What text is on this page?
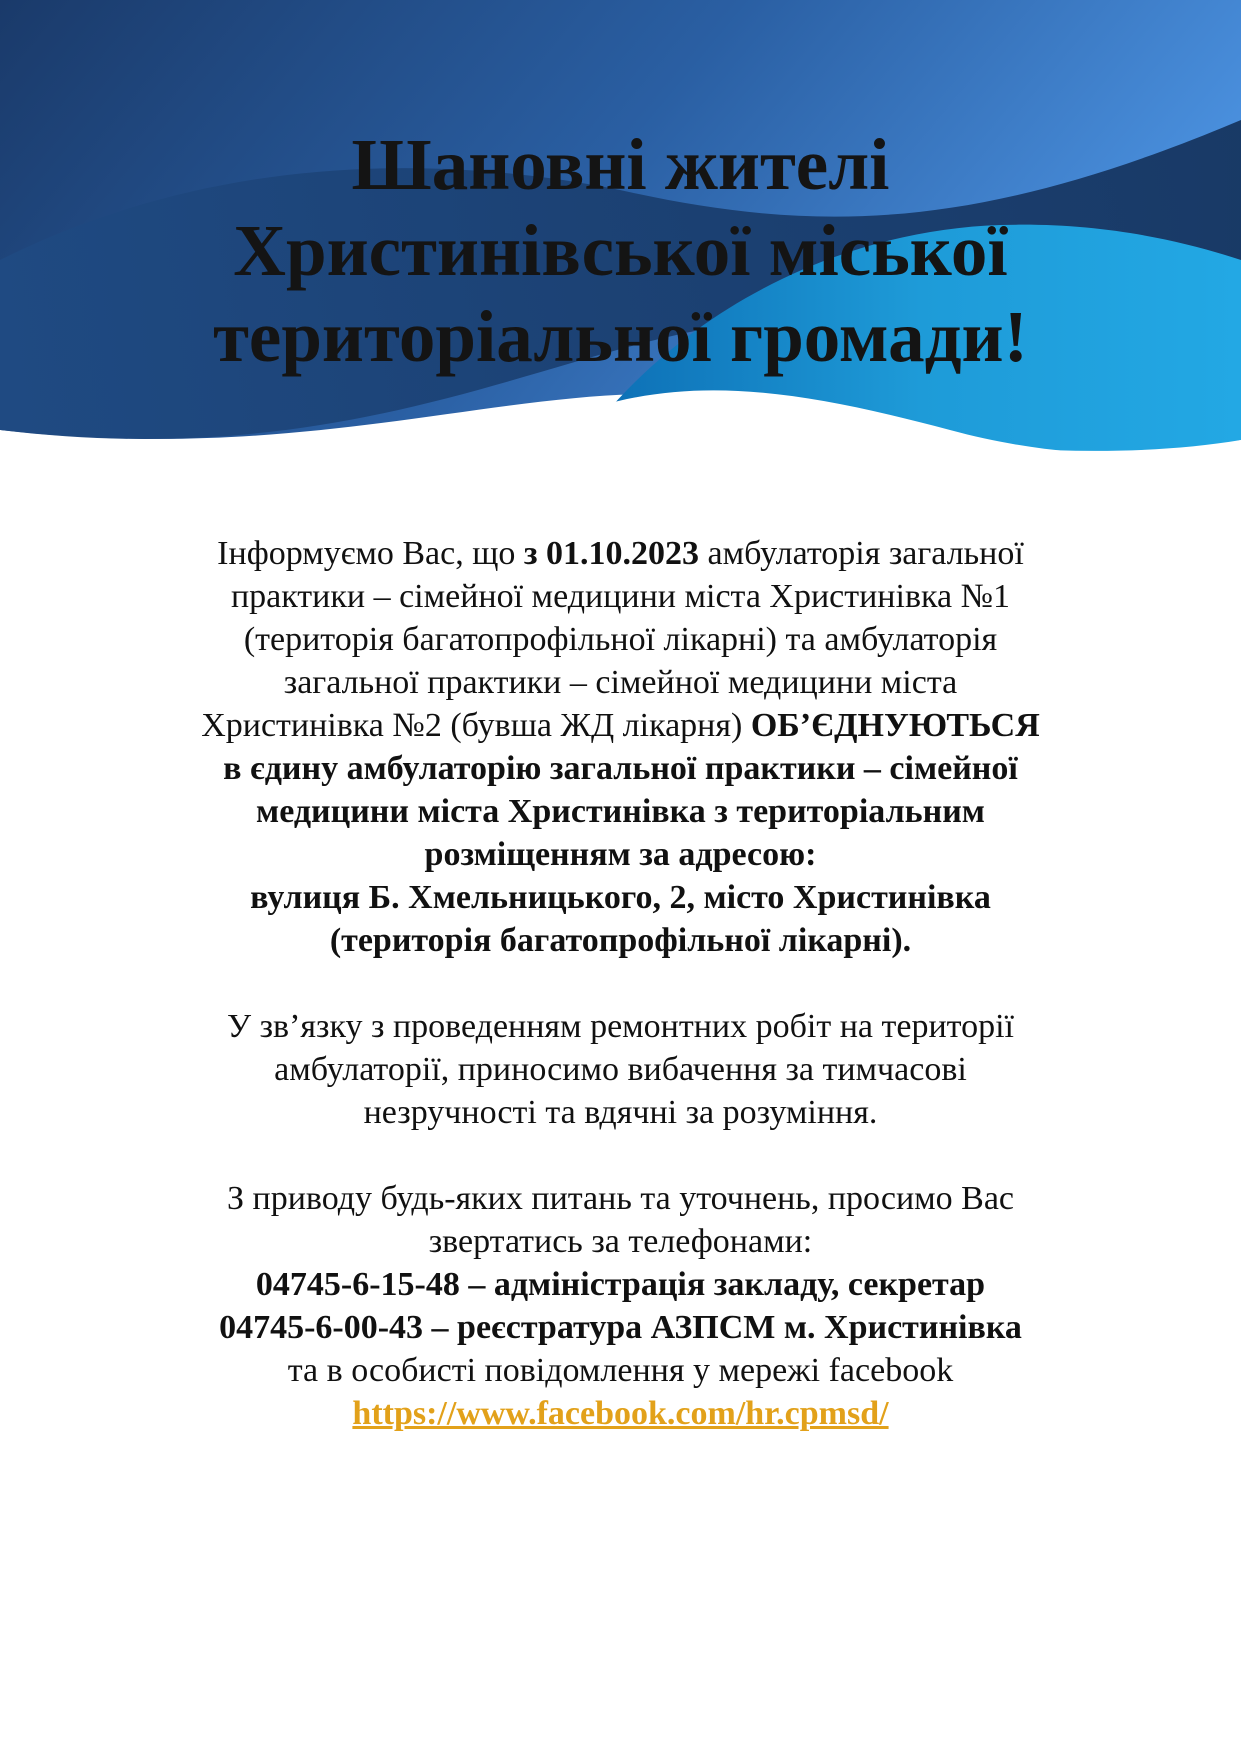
Шановні жителі
Христинівської міської
територіальної громади!

Інформуємо Вас, що з 01.10.2023 амбулаторія загальної
практики – сімейної медицини міста Христинівка №1
(територія багатопрофільної лікарні) та амбулаторія
загальної практики – сімейної медицини міста
Христинівка №2 (бувша ЖД лікарня) ОБ’ЄДНУЮТЬСЯ
в єдину амбулаторію загальної практики – сімейної
медицини міста Христинівка з територіальним
розміщенням за адресою:
вулиця Б. Хмельницького, 2, місто Христинівка
(територія багатопрофільної лікарні).

У зв’язку з проведенням ремонтних робіт на території
амбулаторії, приносимо вибачення за тимчасові
незручності та вдячні за розуміння.

З приводу будь-яких питань та уточнень, просимо Вас
звертатись за телефонами:
04745-6-15-48 – адміністрація закладу, секретар
04745-6-00-43 – реєстратура АЗПСМ м. Христинівка
та в особисті повідомлення у мережі facebook
https://www.facebook.com/hr.cpmsd/
